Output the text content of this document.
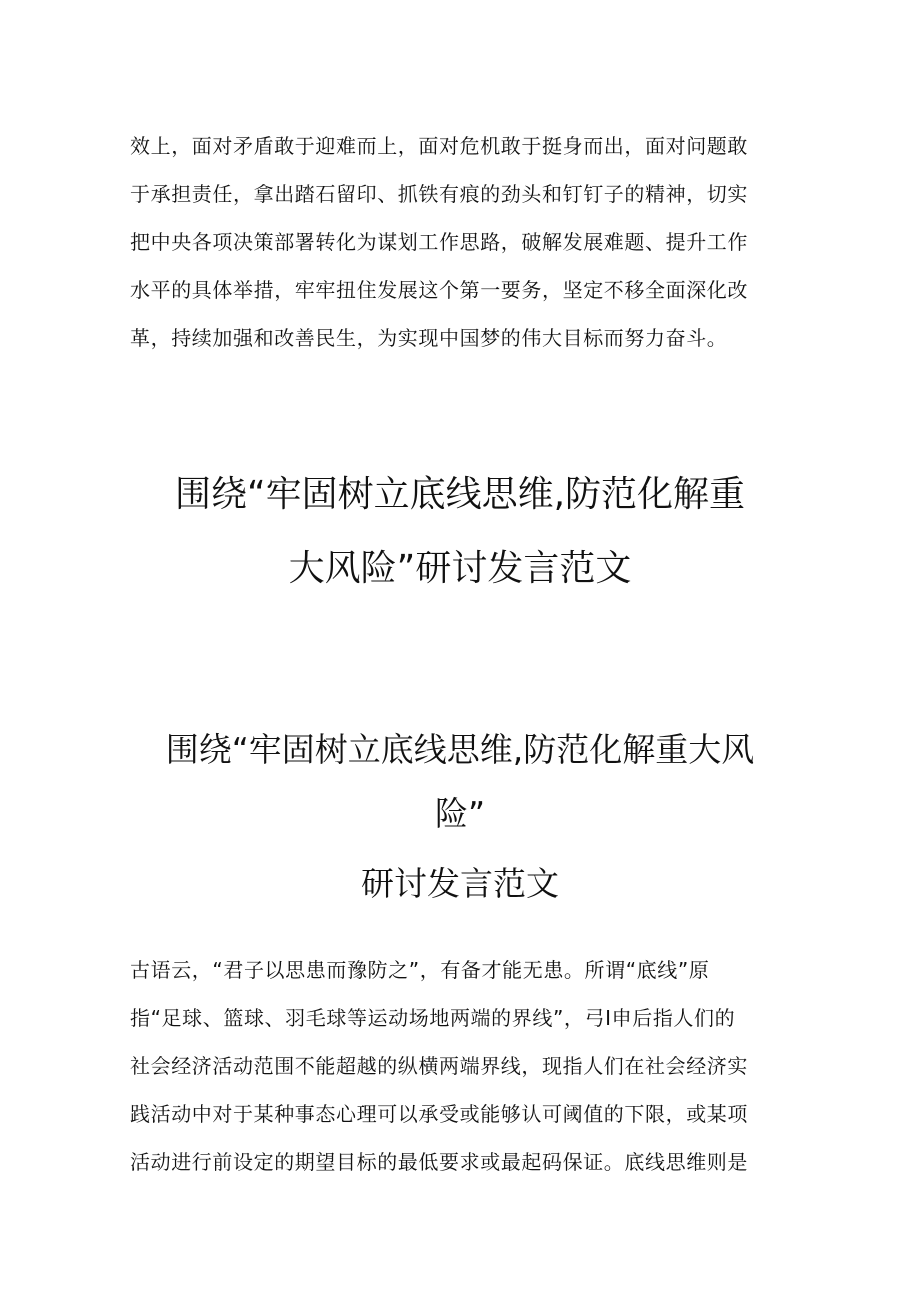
效上，面对矛盾敢于迎难而上，面对危机敢于挺身而出，面对问题敢
于承担责任，拿出踏石留印、抓铁有痕的劲头和钉钉子的精神，切实
把中央各项决策部署转化为谋划工作思路，破解发展难题、提升工作
水平的具体举措，牢牢扭住发展这个第一要务，坚定不移全面深化改
革，持续加强和改善民生，为实现中国梦的伟大目标而努力奋斗。

围绕“牢固树立底线思维,防范化解重
大风险”研讨发言范文
围绕“牢固树立底线思维,防范化解重大风
险”
研讨发言范文

古语云，“君子以思患而豫防之”，有备才能无患。所谓“底线”原
指“足球、篮球、羽毛球等运动场地两端的界线”，弓I申后指人们的
社会经济活动范围不能超越的纵横两端界线，现指人们在社会经济实
践活动中对于某种事态心理可以承受或能够认可阈值的下限，或某项
活动进行前设定的期望目标的最低要求或最起码保证。底线思维则是
